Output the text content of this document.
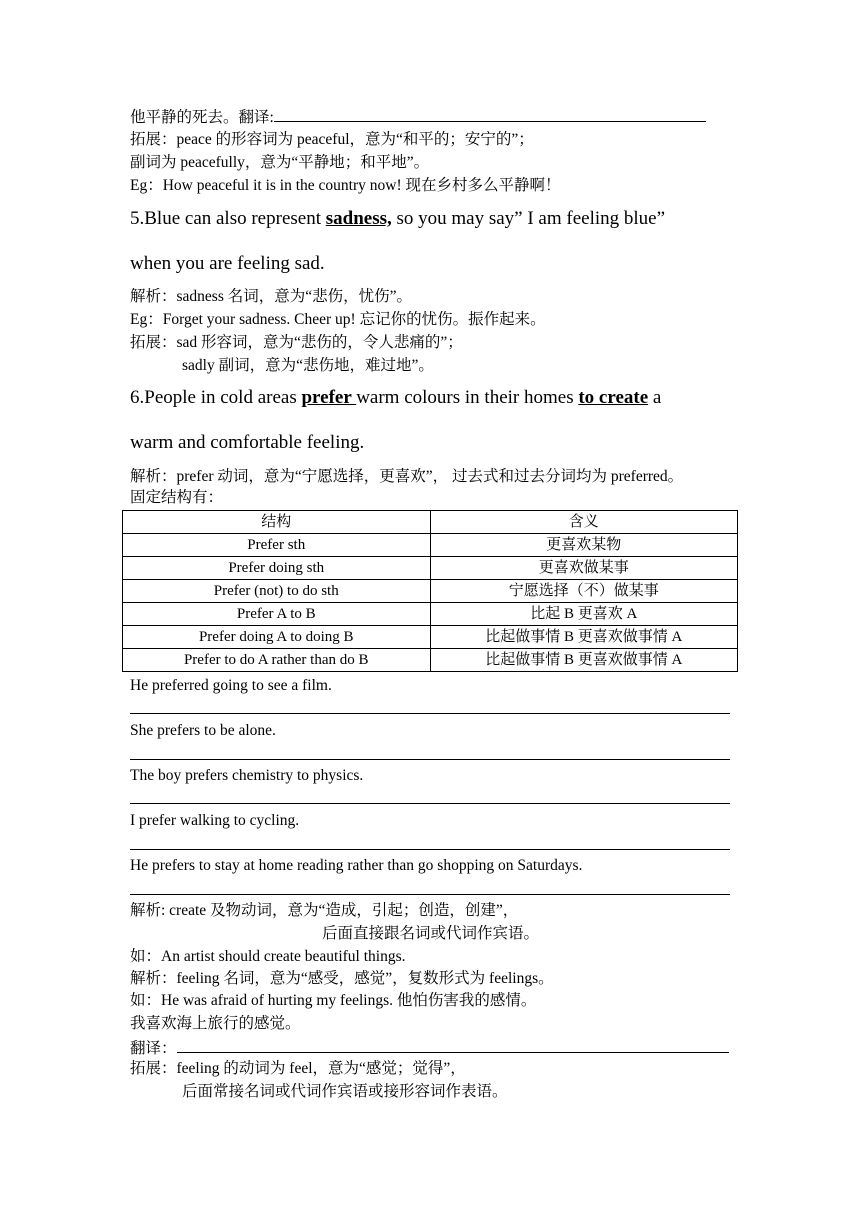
他平静的死去。翻译:
拓展：peace 的形容词为 peaceful，意为“和平的；安宁的”；
副词为 peacefully，意为“平静地；和平地”。
Eg：How peaceful it is in the country now! 现在乡村多么平静啊！
5.Blue can also represent sadness, so you may say” I am feeling blue”
when you are feeling sad.
解析：sadness 名词，意为“悲伤，忧伤”。
Eg：Forget your sadness. Cheer up! 忘记你的忧伤。振作起来。
拓展：sad 形容词，意为“悲伤的，令人悲痛的”；
sadly 副词，意为“悲伤地，难过地”。
6.People in cold areas prefer warm colours in their homes to create a
warm and comfortable feeling.
解析：prefer 动词，意为“宁愿选择，更喜欢”， 过去式和过去分词均为 preferred。
固定结构有：
结构	含义
Prefer sth	更喜欢某物
Prefer doing sth	更喜欢做某事
Prefer (not) to do sth	宁愿选择（不）做某事
Prefer A to B	比起 B 更喜欢 A
Prefer doing A to doing B	比起做事情 B 更喜欢做事情 A
Prefer to do A rather than do B	比起做事情 B 更喜欢做事情 A
He preferred going to see a film.
She prefers to be alone.
The boy prefers chemistry to physics.
I prefer walking to cycling.
He prefers to stay at home reading rather than go shopping on Saturdays.
解析: create 及物动词，意为“造成，引起；创造，创建”，
后面直接跟名词或代词作宾语。
如：An artist should create beautiful things.
解析：feeling 名词，意为“感受，感觉”，复数形式为 feelings。
如：He was afraid of hurting my feelings. 他怕伤害我的感情。
我喜欢海上旅行的感觉。
翻译：
拓展：feeling 的动词为 feel，意为“感觉；觉得”，
后面常接名词或代词作宾语或接形容词作表语。
